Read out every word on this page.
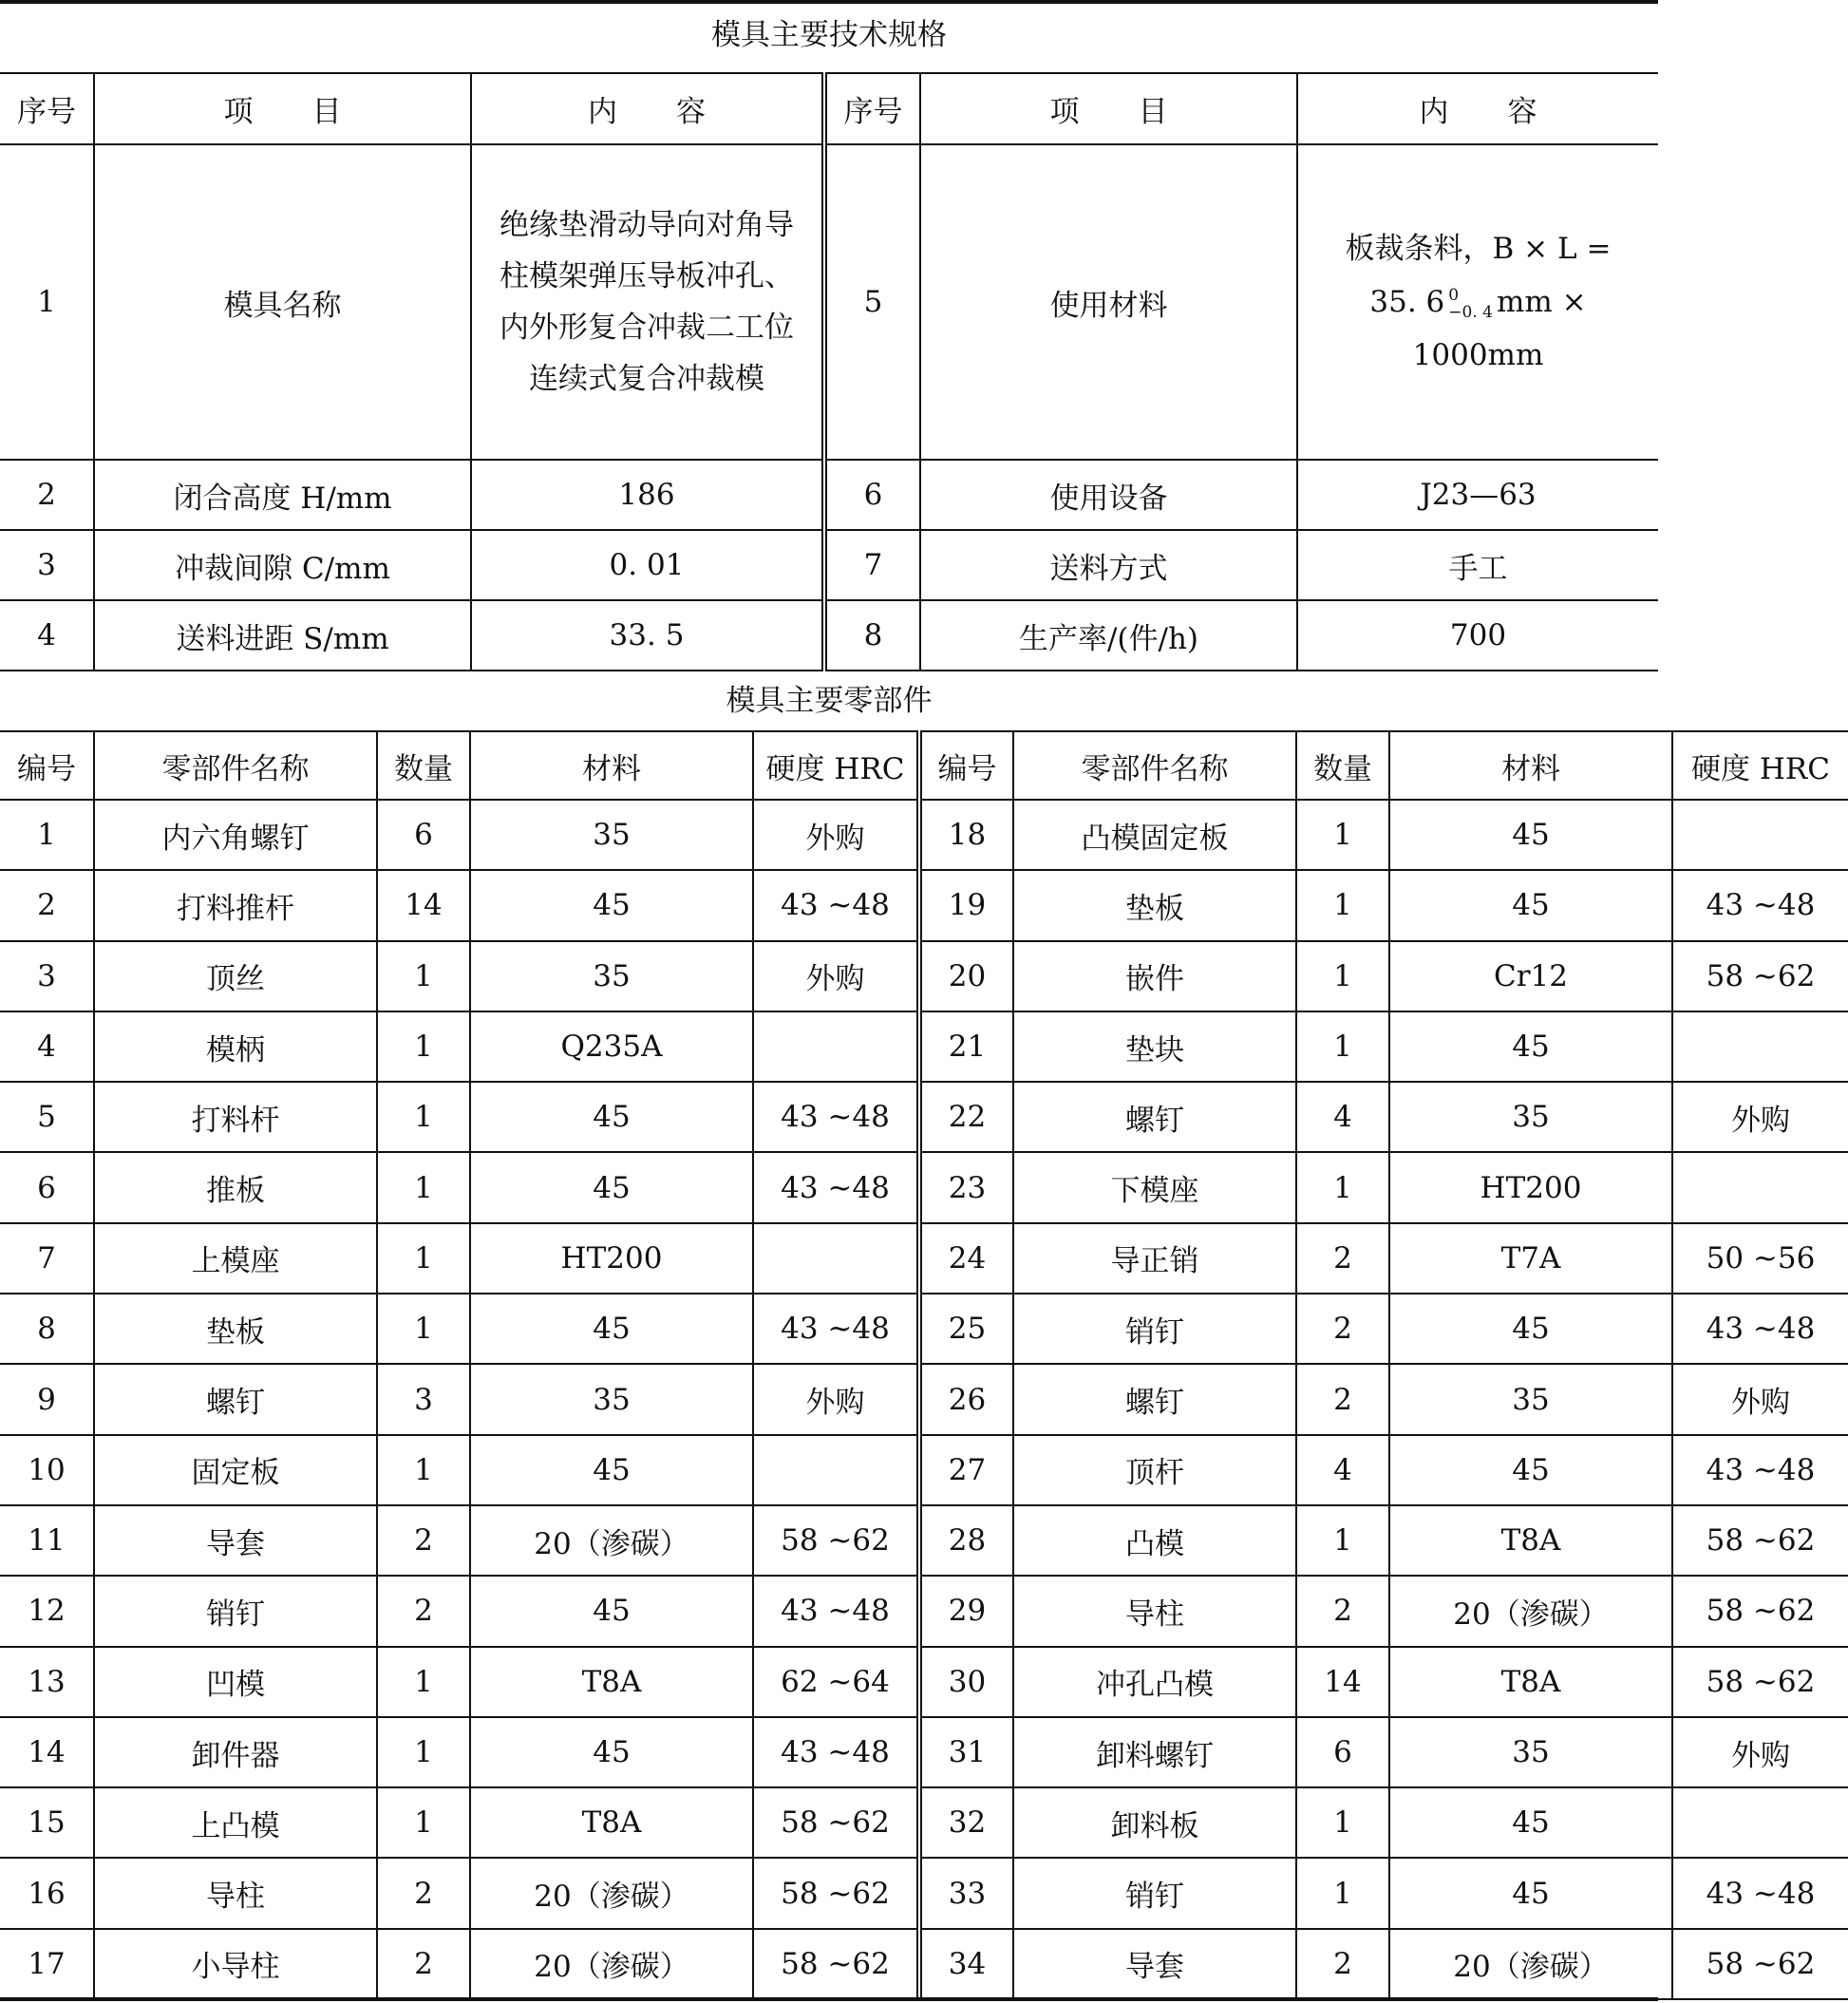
模具主要技术规格
序号	项　　目	内　　容	序号	项　　目	内　　容
1	模具名称	绝缘垫滑动导向对角导柱模架弹压导板冲孔、内外形复合冲裁二工位连续式复合冲裁模	5	使用材料	板裁条料，B × L =
35. 6 0
−0. 4 mm × 1000mm

2	闭合高度 H/mm	186	6	使用设备	J23—63
3	冲裁间隙 C/mm	0. 01	7	送料方式	手工
4	送料进距 S/mm	33. 5	8	生产率/(件/h)	700
模具主要零部件
编号	零部件名称	数量	材料	硬度 HRC	编号	零部件名称	数量	材料	硬度 HRC
1	内六角螺钉	6	35	外购	18	凸模固定板	1	45	
2	打料推杆	14	45	43 ~48	19	垫板	1	45	43 ~48
3	顶丝	1	35	外购	20	嵌件	1	Cr12	58 ~62
4	模柄	1	Q235A		21	垫块	1	45	
5	打料杆	1	45	43 ~48	22	螺钉	4	35	外购
6	推板	1	45	43 ~48	23	下模座	1	HT200	
7	上模座	1	HT200		24	导正销	2	T7A	50 ~56
8	垫板	1	45	43 ~48	25	销钉	2	45	43 ~48
9	螺钉	3	35	外购	26	螺钉	2	35	外购
10	固定板	1	45		27	顶杆	4	45	43 ~48
11	导套	2	20（渗碳）	58 ~62	28	凸模	1	T8A	58 ~62
12	销钉	2	45	43 ~48	29	导柱	2	20（渗碳）	58 ~62
13	凹模	1	T8A	62 ~64	30	冲孔凸模	14	T8A	58 ~62
14	卸件器	1	45	43 ~48	31	卸料螺钉	6	35	外购
15	上凸模	1	T8A	58 ~62	32	卸料板	1	45	
16	导柱	2	20（渗碳）	58 ~62	33	销钉	1	45	43 ~48
17	小导柱	2	20（渗碳）	58 ~62	34	导套	2	20（渗碳）	58 ~62
